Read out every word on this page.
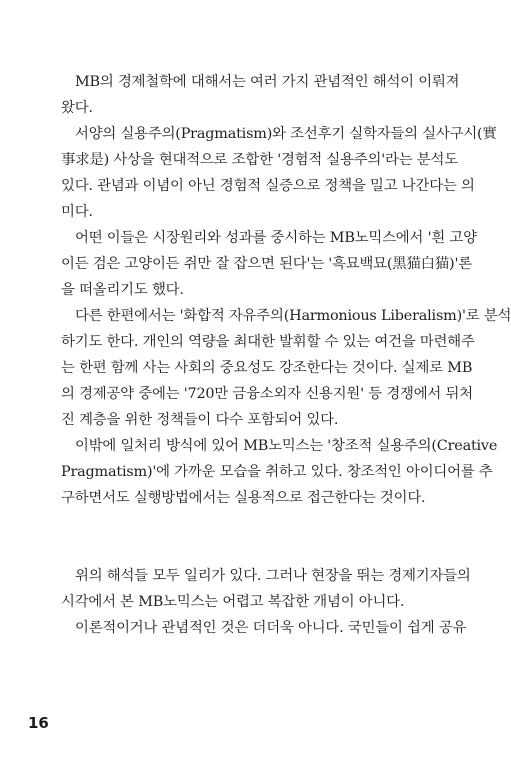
MB의 경제철학에 대해서는 여러 가지 관념적인 해석이 이뤄져
왔다.
서양의 실용주의(Pragmatism)와 조선후기 실학자들의 실사구시(實
事求是) 사상을 현대적으로 조합한 '경험적 실용주의'라는 분석도
있다. 관념과 이념이 아닌 경험적 실증으로 정책을 밀고 나간다는 의
미다.
어떤 이들은 시장원리와 성과를 중시하는 MB노믹스에서 '흰 고양
이든 검은 고양이든 쥐만 잘 잡으면 된다'는 '흑묘백묘(黑猫白猫)'론
을 떠올리기도 했다.
다른 한편에서는 '화합적 자유주의(Harmonious Liberalism)'로 분석
하기도 한다. 개인의 역량을 최대한 발휘할 수 있는 여건을 마련해주
는 한편 함께 사는 사회의 중요성도 강조한다는 것이다. 실제로 MB
의 경제공약 중에는 '720만 금융소외자 신용지원' 등 경쟁에서 뒤처
진 계층을 위한 정책들이 다수 포함되어 있다.
이밖에 일처리 방식에 있어 MB노믹스는 '창조적 실용주의(Creative
Pragmatism)'에 가까운 모습을 취하고 있다. 창조적인 아이디어를 추
구하면서도 실행방법에서는 실용적으로 접근한다는 것이다.
위의 해석들 모두 일리가 있다. 그러나 현장을 뛰는 경제기자들의
시각에서 본 MB노믹스는 어렵고 복잡한 개념이 아니다.
이론적이거나 관념적인 것은 더더욱 아니다. 국민들이 쉽게 공유
16
